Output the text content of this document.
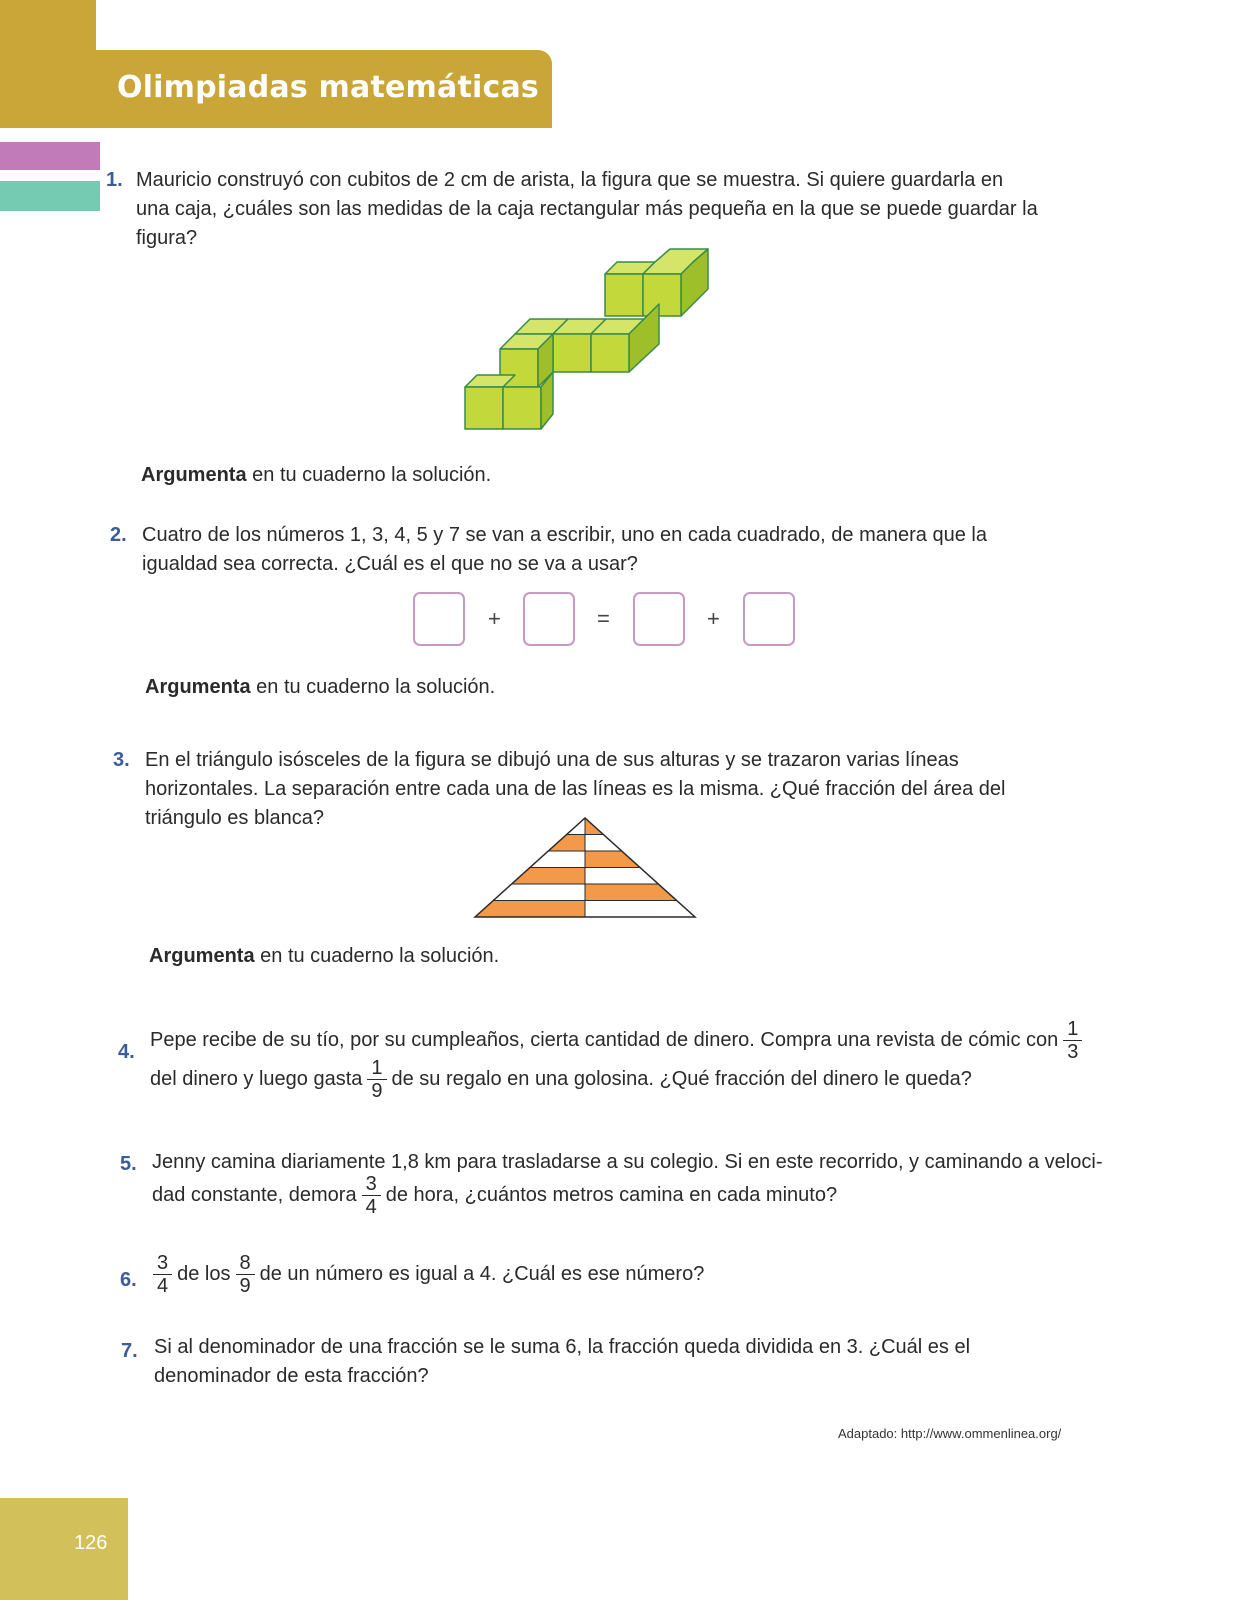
Olimpiadas matemáticas
1. Mauricio construyó con cubitos de 2 cm de arista, la figura que se muestra. Si quiere guardarla en una caja, ¿cuáles son las medidas de la caja rectangular más pequeña en la que se puede guardar la figura?
Argumenta en tu cuaderno la solución.
2. Cuatro de los números 1, 3, 4, 5 y 7 se van a escribir, uno en cada cuadrado, de manera que la igualdad sea correcta. ¿Cuál es el que no se va a usar?
+	=	+
Argumenta en tu cuaderno la solución.
3. En el triángulo isósceles de la figura se dibujó una de sus alturas y se trazaron varias líneas horizontales. La separación entre cada una de las líneas es la misma. ¿Qué fracción del área del triángulo es blanca?
Argumenta en tu cuaderno la solución.
4.
Pepe recibe de su tío, por su cumpleaños, cierta cantidad de dinero. Compra una revista de cómic con $\frac{1}{3}$
del dinero y luego gasta $\frac{1}{9}$ de su regalo en una golosina. ¿Qué fracción del dinero le queda?
5. Jenny camina diariamente 1,8 km para trasladarse a su colegio. Si en este recorrido, y caminando a veloci-
dad constante, demora $\frac{3}{4}$ de hora, ¿cuántos metros camina en cada minuto?
6. $\frac{3}{4}$ de los $\frac{8}{9}$ de un número es igual a 4. ¿Cuál es ese número?
7. Si al denominador de una fracción se le suma 6, la fracción queda dividida en 3. ¿Cuál es el denominador de esta fracción?
Adaptado: http://www.ommenlinea.org/
126
